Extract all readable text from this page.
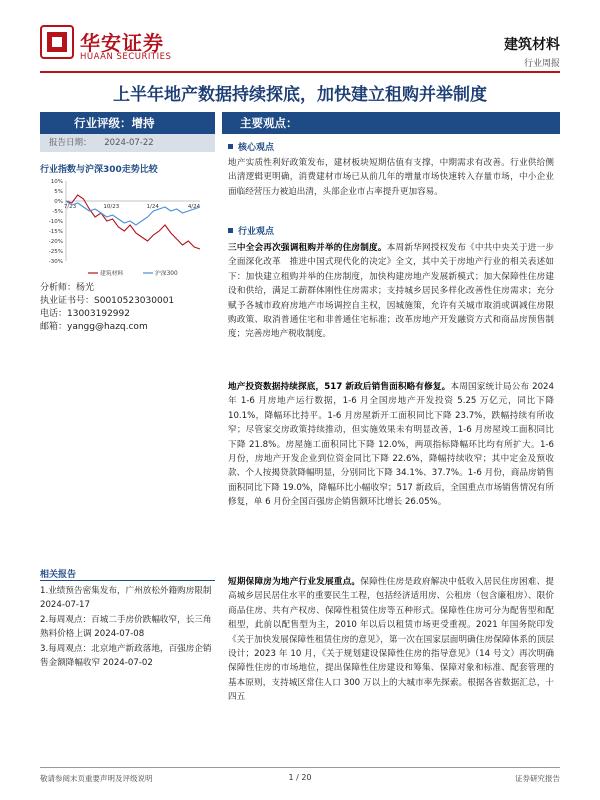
华安证券
HUAAN SECURITIES
建筑材料
行业周报
上半年地产数据持续探底，加快建立租购并举制度
行业评级：增持
报告日期：　　2024-07-22
行业指数与沪深300走势比较
10%
5%
0%
-5%
-10%
-15%
-20%
-25%
-30%
7/23	10/23	1/24	4/24
建筑材料	沪深300
分析师：杨光
执业证书号：S0010523030001
电话：13003192992
邮箱：yangg@hazq.com
主要观点：
核心观点
地产实质性利好政策发布，建材板块短期估值有支撑，中期需求有改善。行业供给侧出清逻辑更明确，消费建材市场已从前几年的增量市场快速转入存量市场，中小企业面临经营压力被迫出清，头部企业市占率提升更加容易。
行业观点
三中全会再次强调租购并举的住房制度。本周新华网授权发布《中共中央关于进一步全面深化改革　推进中国式现代化的决定》全文，其中关于房地产行业的相关表述如下：加快建立租购并举的住房制度，加快构建房地产发展新模式；加大保障性住房建设和供给，满足工薪群体刚性住房需求；支持城乡居民多样化改善性住房需求；充分赋予各城市政府房地产市场调控自主权，因城施策，允许有关城市取消或调减住房限购政策、取消普通住宅和非普通住宅标准；改革房地产开发融资方式和商品房预售制度；完善房地产税收制度。
地产投资数据持续探底，517 新政后销售面积略有修复。本周国家统计局公布 2024 年 1-6 月房地产运行数据，1-6 月全国房地产开发投资 5.25 万亿元，同比下降 10.1%，降幅环比持平。1-6 月房屋新开工面积同比下降 23.7%，跌幅持续有所收窄；尽管家交房政策持续推动，但实施效果未有明显改善，1-6 月房屋竣工面积同比下降 21.8%。房屋施工面积同比下降 12.0%，两项指标降幅环比均有所扩大。1-6 月份，房地产开发企业到位资金同比下降 22.6%，降幅持续收窄；其中定金及预收款、个人按揭贷款降幅明显，分别同比下降 34.1%、37.7%。1-6 月份，商品房销售面积同比下降 19.0%，降幅环比小幅收窄；517 新政后，全国重点市场销售情况有所修复，单 6 月份全国百强房企销售额环比增长 26.05%。
短期保障房为地产行业发展重点。保障性住房是政府解决中低收入居民住房困难、提高城乡居民居住水平的重要民生工程，包括经济适用房、公租房（包含廉租房）、限价商品住房、共有产权房、保障性租赁住房等五种形式。保障性住房可分为配售型和配租型，此前以配售型为主，2010 年以后以租赁市场更受重视。2021 年国务院印发《关于加快发展保障性租赁住房的意见》，第一次在国家层面明确住房保障体系的顶层设计；2023 年 10 月，《关于规划建设保障性住房的指导意见》（14 号文）再次明确保障性住房的市场地位，提出保障性住房建设和筹集、保障对象和标准、配套管理的基本原则，支持城区常住人口 300 万以上的大城市率先探索。根据各省数据汇总，十四五
相关报告
1.业绩预告密集发布，广州放松外籍购房限制 2024-07-17
2.每周观点：百城二手房价跌幅收窄，长三角熟料价格上调 2024-07-08
3.每周观点：北京地产新政落地，百强房企销售金额降幅收窄 2024-07-02
敬请参阅末页重要声明及评级说明	1 / 20	证券研究报告
